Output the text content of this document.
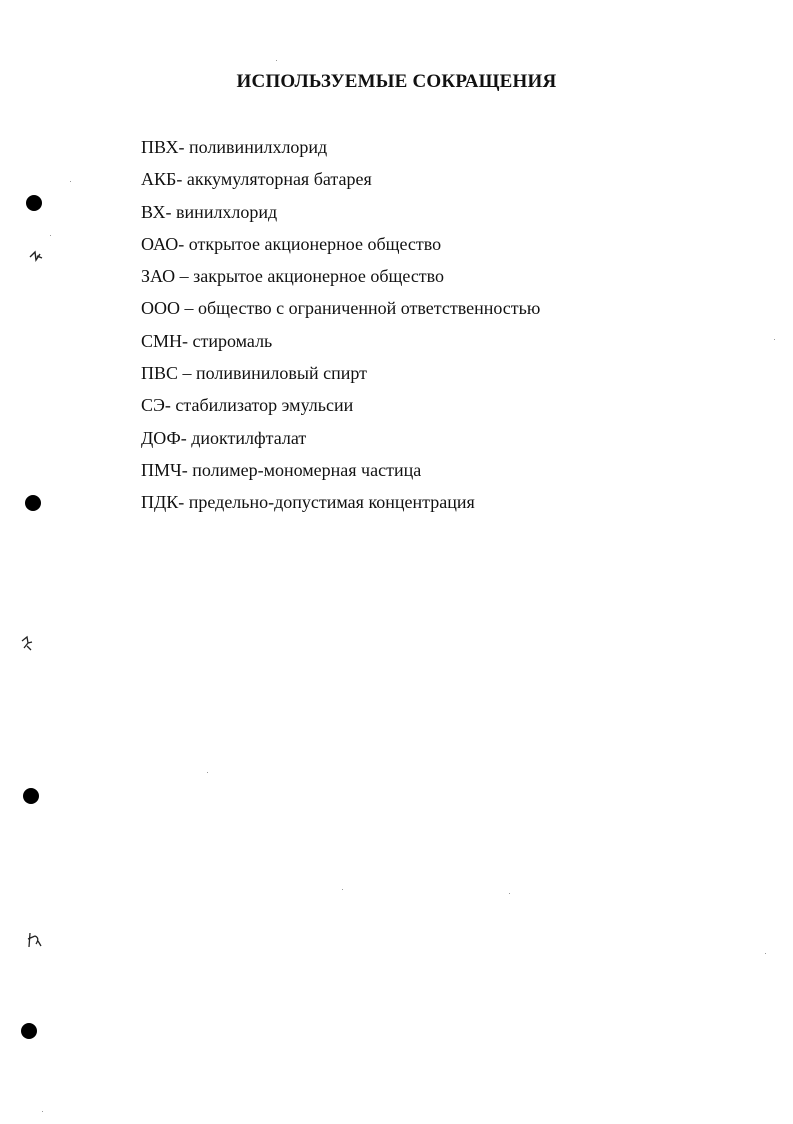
ИСПОЛЬЗУЕМЫЕ СОКРАЩЕНИЯ
ПВХ- поливинилхлорид
АКБ- аккумуляторная батарея
ВХ- винилхлорид
ОАО- открытое акционерное общество
ЗАО – закрытое акционерное общество
ООО – общество с ограниченной ответственностью
СМН- стиромаль
ПВС – поливиниловый спирт
СЭ- стабилизатор эмульсии
ДОФ- диоктилфталат
ПМЧ- полимер-мономерная частица
ПДК- предельно-допустимая концентрация
